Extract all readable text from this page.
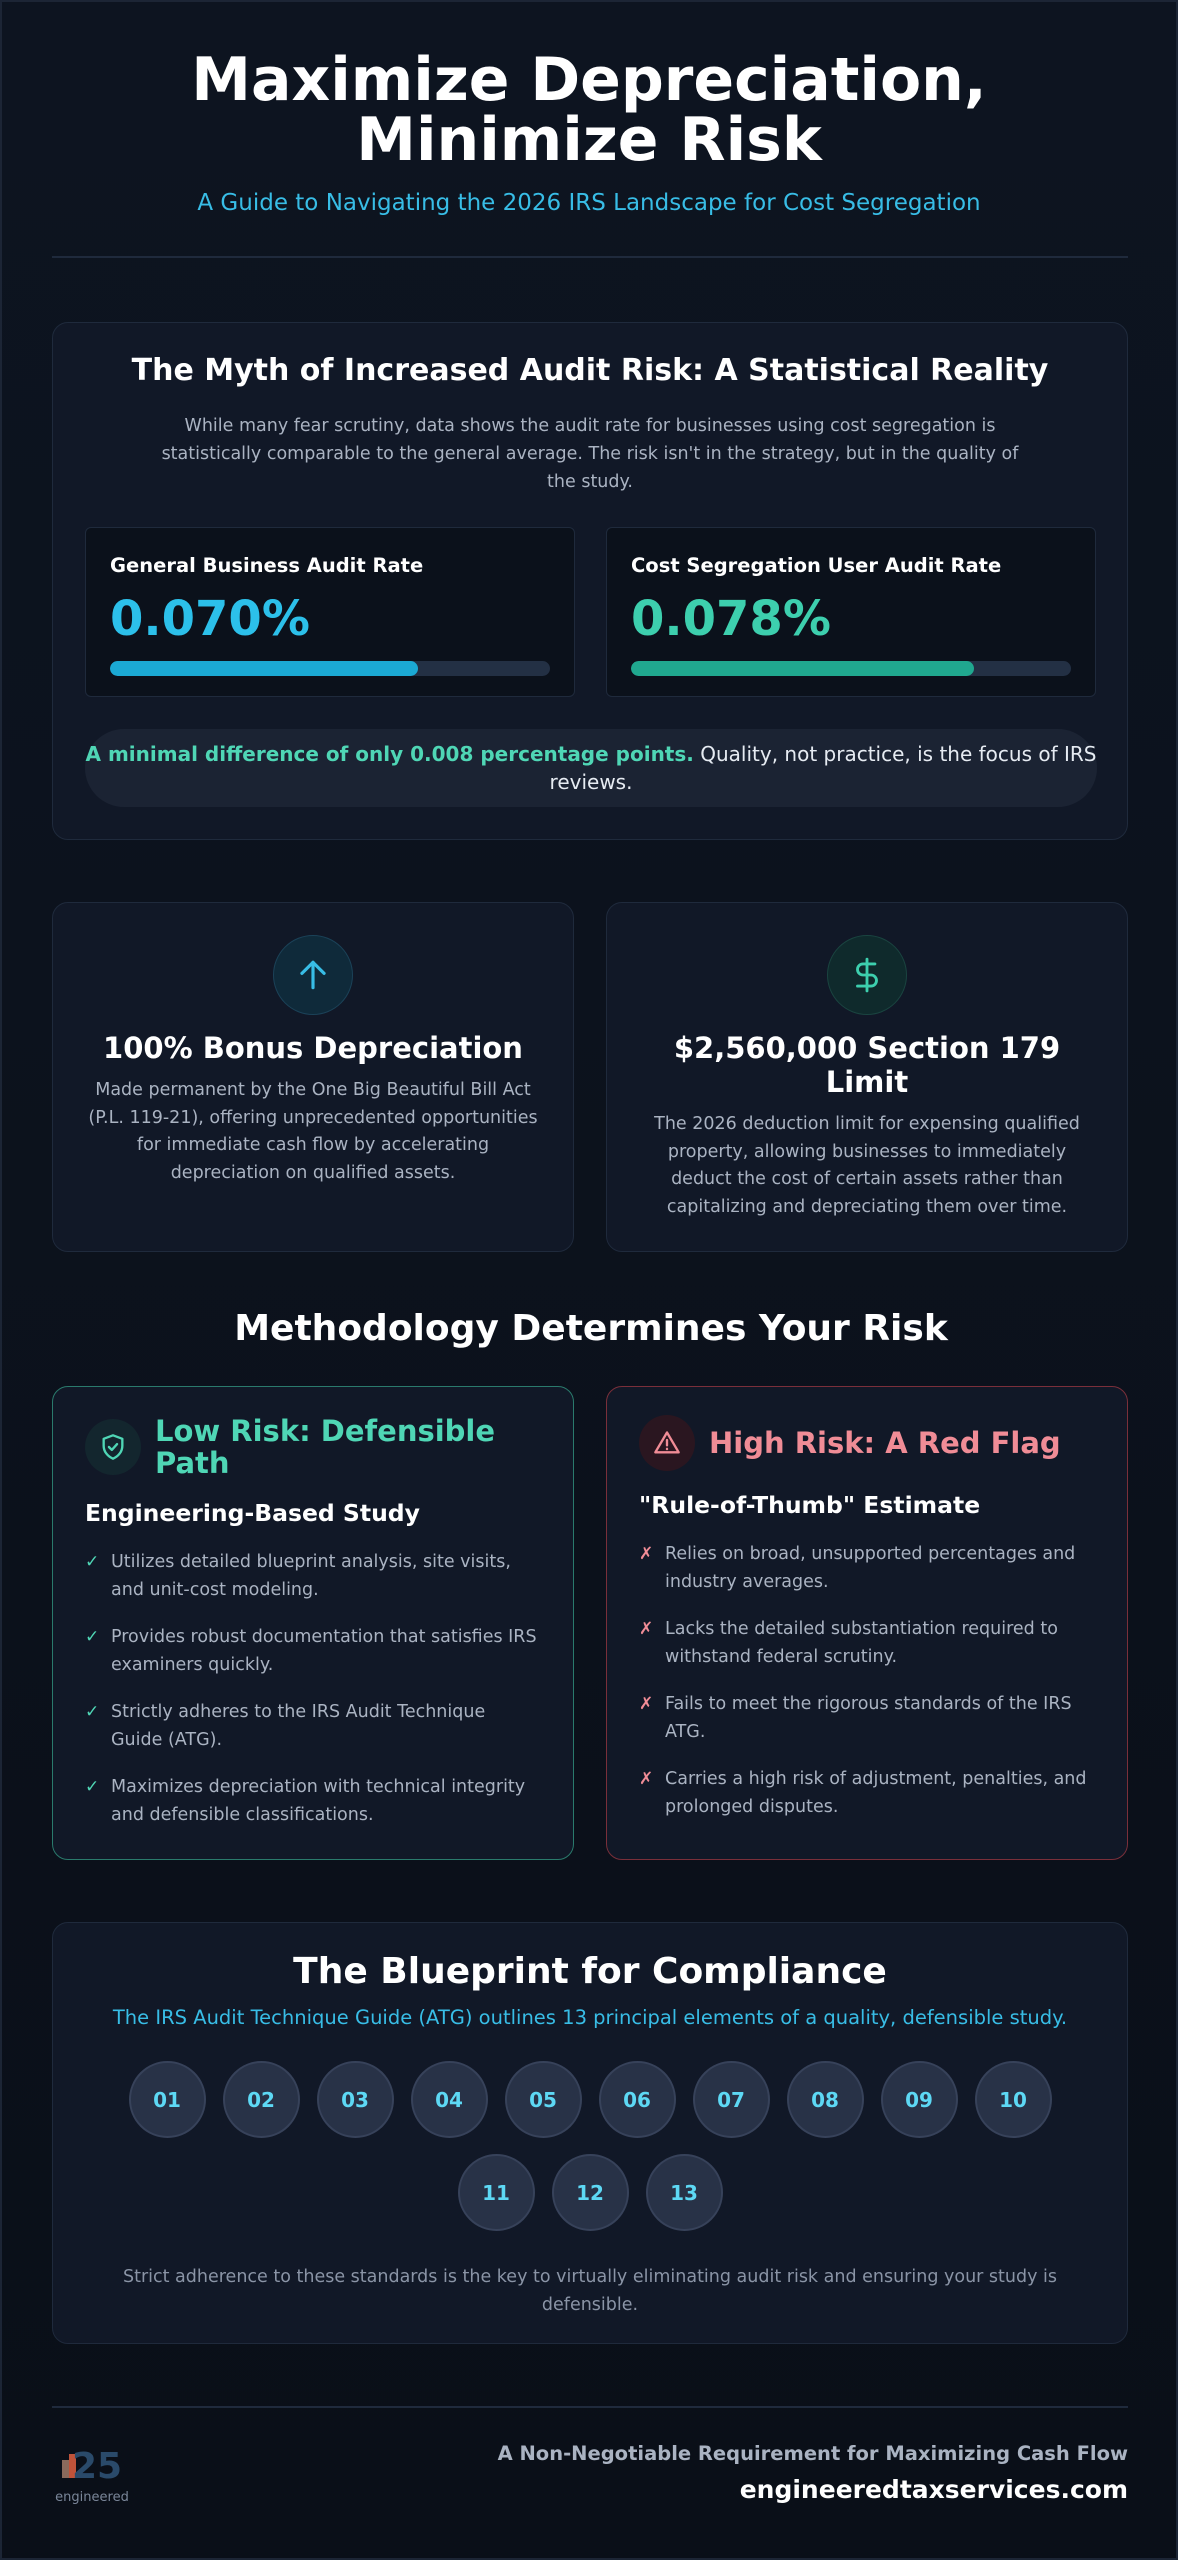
Maximize Depreciation, Minimize Risk
A Guide to Navigating the 2026 IRS Landscape for Cost Segregation
The Myth of Increased Audit Risk: A Statistical Reality
While many fear scrutiny, data shows the audit rate for businesses using cost segregation is statistically comparable to the general average. The risk isn't in the strategy, but in the quality of the study.
General Business Audit Rate
0.070%
Cost Segregation User Audit Rate
0.078%
A minimal difference of only 0.008 percentage points. Quality, not practice, is the focus of IRS reviews.
100% Bonus Depreciation
Made permanent by the One Big Beautiful Bill Act (P.L. 119-21), offering unprecedented opportunities for immediate cash flow by accelerating depreciation on qualified assets.
$2,560,000 Section 179 Limit
The 2026 deduction limit for expensing qualified property, allowing businesses to immediately deduct the cost of certain assets rather than capitalizing and depreciating them over time.
Methodology Determines Your Risk
Low Risk: Defensible Path
Engineering-Based Study
✓ Utilizes detailed blueprint analysis, site visits, and unit-cost modeling.
✓ Provides robust documentation that satisfies IRS examiners quickly.
✓ Strictly adheres to the IRS Audit Technique Guide (ATG).
✓ Maximizes depreciation with technical integrity and defensible classifications.
High Risk: A Red Flag
"Rule-of-Thumb" Estimate
✗ Relies on broad, unsupported percentages and industry averages.
✗ Lacks the detailed substantiation required to withstand federal scrutiny.
✗ Fails to meet the rigorous standards of the IRS ATG.
✗ Carries a high risk of adjustment, penalties, and prolonged disputes.
The Blueprint for Compliance
The IRS Audit Technique Guide (ATG) outlines 13 principal elements of a quality, defensible study.
01	02	03	04	05	06	07	08	09	10
11	12	13
Strict adherence to these standards is the key to virtually eliminating audit risk and ensuring your study is defensible.
25
engineered
A Non-Negotiable Requirement for Maximizing Cash Flow
engineeredtaxservices.com
